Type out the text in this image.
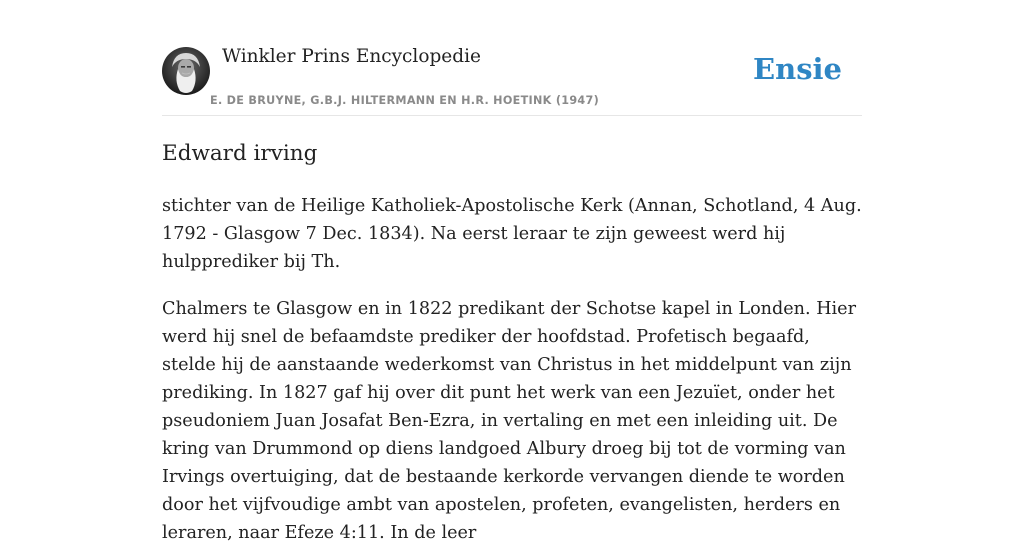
Winkler Prins Encyclopedie
E. DE BRUYNE, G.B.J. HILTERMANN EN H.R. HOETINK (1947)
Ensie
Edward irving

stichter van de Heilige Katholiek-Apostolische Kerk (Annan, Schotland, 4 Aug. 1792 - Glasgow 7 Dec. 1834). Na eerst leraar te zijn geweest werd hij hulpprediker bij Th.

Chalmers te Glasgow en in 1822 predikant der Schotse kapel in Londen. Hier werd hij snel de befaamdste prediker der hoofdstad. Profetisch begaafd, stelde hij de aanstaande wederkomst van Christus in het middelpunt van zijn prediking. In 1827 gaf hij over dit punt het werk van een Jezuïet, onder het pseudoniem Juan Josafat Ben-Ezra, in vertaling en met een inleiding uit. De kring van Drummond op diens landgoed Albury droeg bij tot de vorming van Irvings overtuiging, dat de bestaande kerkorde vervangen diende te worden door het vijfvoudige ambt van apostelen, profeten, evangelisten, herders en leraren, naar Efeze 4:11. In de leer
